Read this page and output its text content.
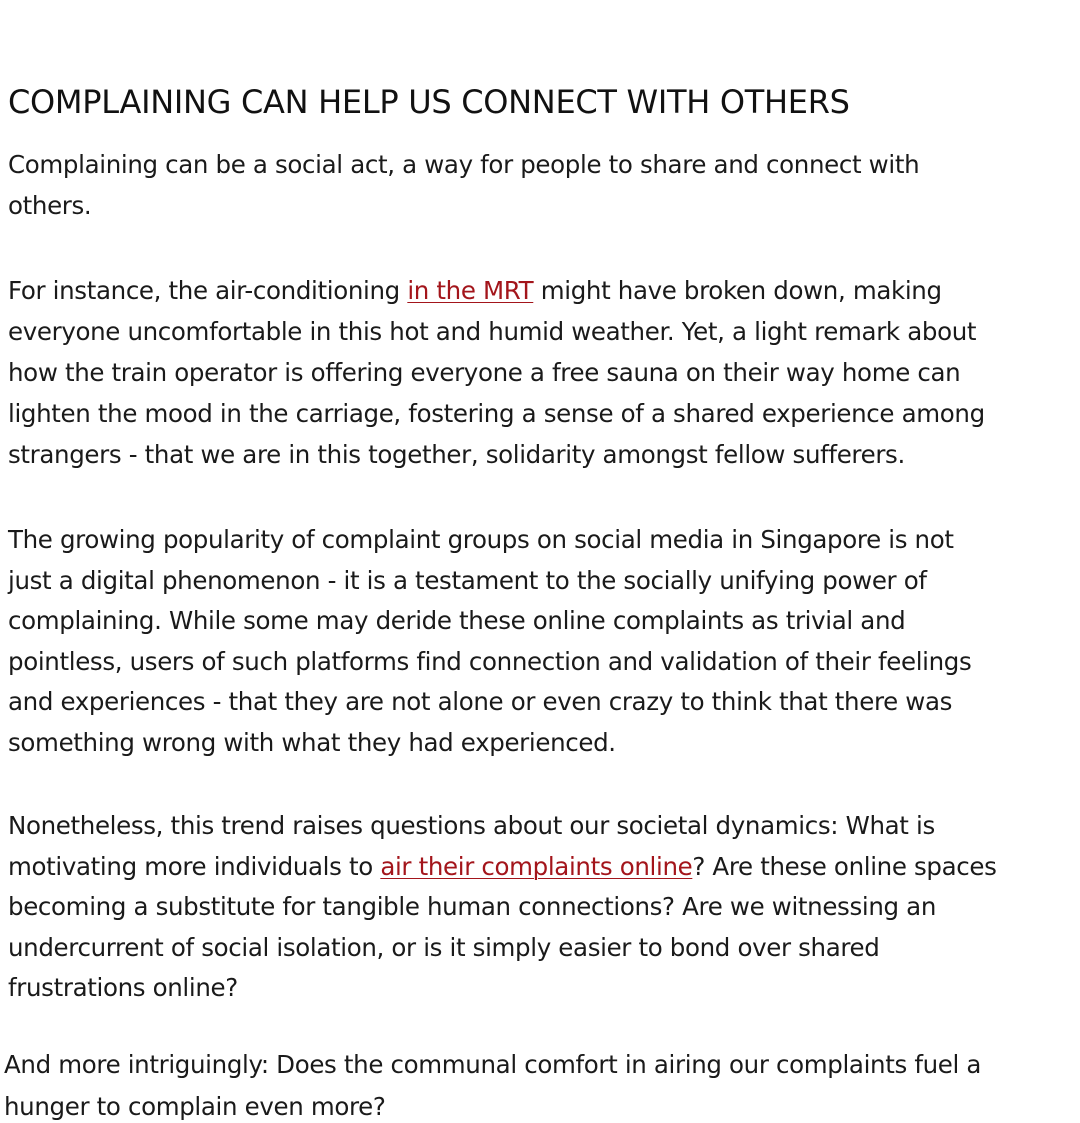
COMPLAINING CAN HELP US CONNECT WITH OTHERS

Complaining can be a social act, a way for people to share and connect with
others.

For instance, the air-conditioning in the MRT might have broken down, making
everyone uncomfortable in this hot and humid weather. Yet, a light remark about
how the train operator is offering everyone a free sauna on their way home can
lighten the mood in the carriage, fostering a sense of a shared experience among
strangers - that we are in this together, solidarity amongst fellow sufferers.

The growing popularity of complaint groups on social media in Singapore is not
just a digital phenomenon - it is a testament to the socially unifying power of
complaining. While some may deride these online complaints as trivial and
pointless, users of such platforms find connection and validation of their feelings
and experiences - that they are not alone or even crazy to think that there was
something wrong with what they had experienced.

Nonetheless, this trend raises questions about our societal dynamics: What is
motivating more individuals to air their complaints online? Are these online spaces
becoming a substitute for tangible human connections? Are we witnessing an
undercurrent of social isolation, or is it simply easier to bond over shared
frustrations online?

And more intriguingly: Does the communal comfort in airing our complaints fuel a
hunger to complain even more?
